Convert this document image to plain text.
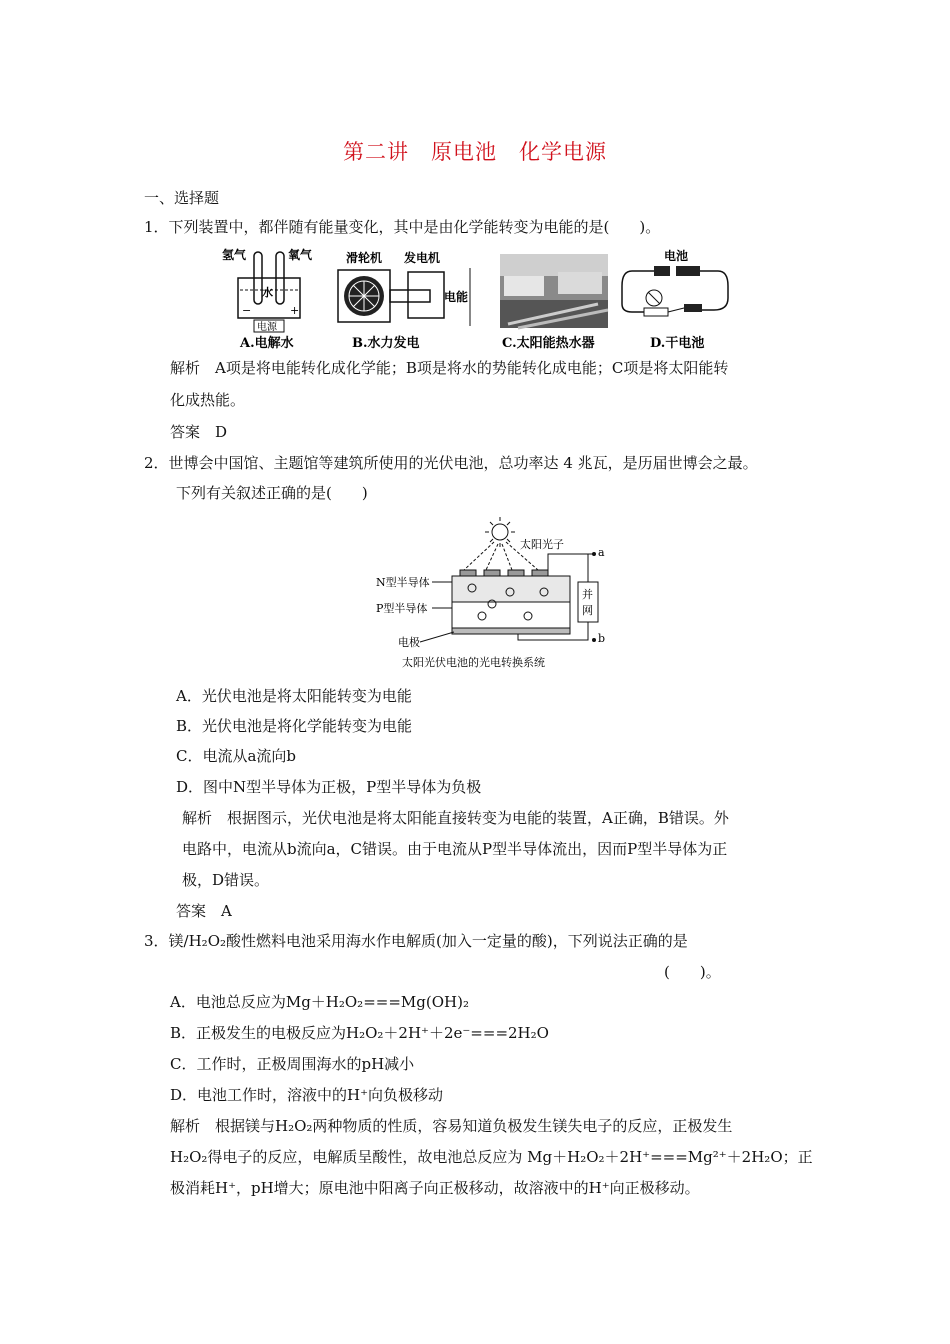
第二讲　原电池　化学电源
一、选择题
1．下列装置中，都伴随有能量变化，其中是由化学能转变为电能的是(　　)。
氢气	氧气
水
−	+
电源
A.电解水
滑轮机 发电机
电能
B.水力发电	C.太阳能热水器
电池
D.干电池
解析　A项是将电能转化成化学能；B项是将水的势能转化成电能；C项是将太阳能转
化成热能。
答案　D
2．世博会中国馆、主题馆等建筑所使用的光伏电池，总功率达 4 兆瓦，是历届世博会之最。
下列有关叙述正确的是(　　)
太阳光子
N型半导体
P型半导体
电极
a
并
网
b
太阳光伏电池的光电转换系统
A．光伏电池是将太阳能转变为电能
B．光伏电池是将化学能转变为电能
C．电流从a流向b
D．图中N型半导体为正极，P型半导体为负极
解析　根据图示，光伏电池是将太阳能直接转变为电能的装置，A正确，B错误。外
电路中，电流从b流向a，C错误。由于电流从P型半导体流出，因而P型半导体为正
极，D错误。
答案　A
3．镁/H₂O₂酸性燃料电池采用海水作电解质(加入一定量的酸)，下列说法正确的是
(　　)。
A．电池总反应为Mg＋H₂O₂===Mg(OH)₂
B．正极发生的电极反应为H₂O₂＋2H⁺＋2e⁻===2H₂O
C．工作时，正极周围海水的pH减小
D．电池工作时，溶液中的H⁺向负极移动
解析　根据镁与H₂O₂两种物质的性质，容易知道负极发生镁失电子的反应，正极发生
H₂O₂得电子的反应，电解质呈酸性，故电池总反应为 Mg＋H₂O₂＋2H⁺===Mg²⁺＋2H₂O；正
极消耗H⁺，pH增大；原电池中阳离子向正极移动，故溶液中的H⁺向正极移动。
